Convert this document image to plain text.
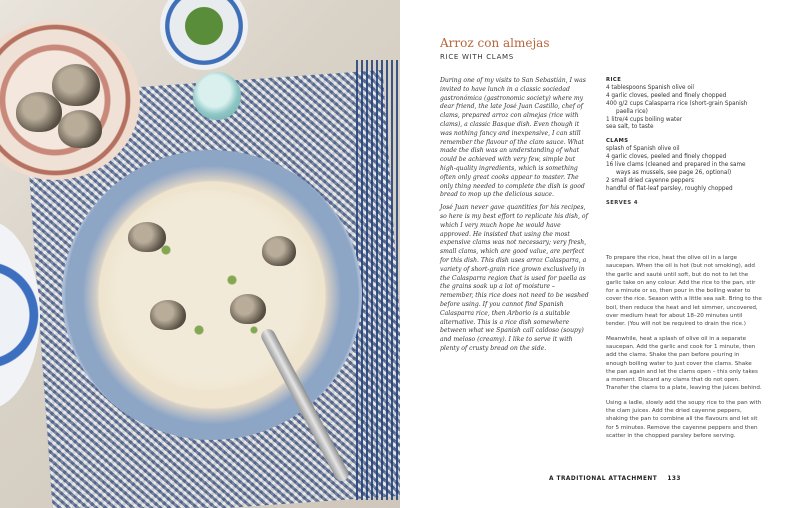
Arroz con almejas
RICE WITH CLAMS

During one of my visits to San Sebastián, I was invited to have lunch in a classic sociedad gastronómica (gastronomic society) where my dear friend, the late José Juan Castillo, chef of clams, prepared arroz con almejas (rice with clams), a classic Basque dish. Even though it was nothing fancy and inexpensive, I can still remember the flavour of the clam sauce. What made the dish was an understanding of what could be achieved with very few, simple but high-quality ingredients, which is something often only great cooks appear to master. The only thing needed to complete the dish is good bread to mop up the delicious sauce.

José Juan never gave quantities for his recipes, so here is my best effort to replicate his dish, of which I very much hope he would have approved. He insisted that using the most expensive clams was not necessary; very fresh, small clams, which are good value, are perfect for this dish. This dish uses arroz Calasparra, a variety of short-grain rice grown exclusively in the Calasparra region that is used for paella as the grains soak up a lot of moisture – remember, this rice does not need to be washed before using. If you cannot find Spanish Calasparra rice, then Arborio is a suitable alternative. This is a rice dish somewhere between what we Spanish call caldoso (soupy) and meloso (creamy). I like to serve it with plenty of crusty bread on the side.

RICE
4 tablespoons Spanish olive oil
4 garlic cloves, peeled and finely chopped
400 g/2 cups Calasparra rice (short-grain Spanish paella rice)
1 litre/4 cups boiling water
sea salt, to taste
CLAMS
splash of Spanish olive oil
4 garlic cloves, peeled and finely chopped
16 live clams (cleaned and prepared in the same ways as mussels, see page 26, optional)
2 small dried cayenne peppers
handful of flat-leaf parsley, roughly chopped
SERVES 4

To prepare the rice, heat the olive oil in a large saucepan. When the oil is hot (but not smoking), add the garlic and sauté until soft, but do not to let the garlic take on any colour. Add the rice to the pan, stir for a minute or so, then pour in the boiling water to cover the rice. Season with a little sea salt. Bring to the boil, then reduce the heat and let simmer, uncovered, over medium heat for about 18–20 minutes until tender. (You will not be required to drain the rice.)

Meanwhile, heat a splash of olive oil in a separate saucepan. Add the garlic and cook for 1 minute, then add the clams. Shake the pan before pouring in enough boiling water to just cover the clams. Shake the pan again and let the clams open – this only takes a moment. Discard any clams that do not open. Transfer the clams to a plate, leaving the juices behind.

Using a ladle, slowly add the soupy rice to the pan with the clam juices. Add the dried cayenne peppers, shaking the pan to combine all the flavours and let sit for 5 minutes. Remove the cayenne peppers and then scatter in the chopped parsley before serving.

A TRADITIONAL ATTACHMENT 133
